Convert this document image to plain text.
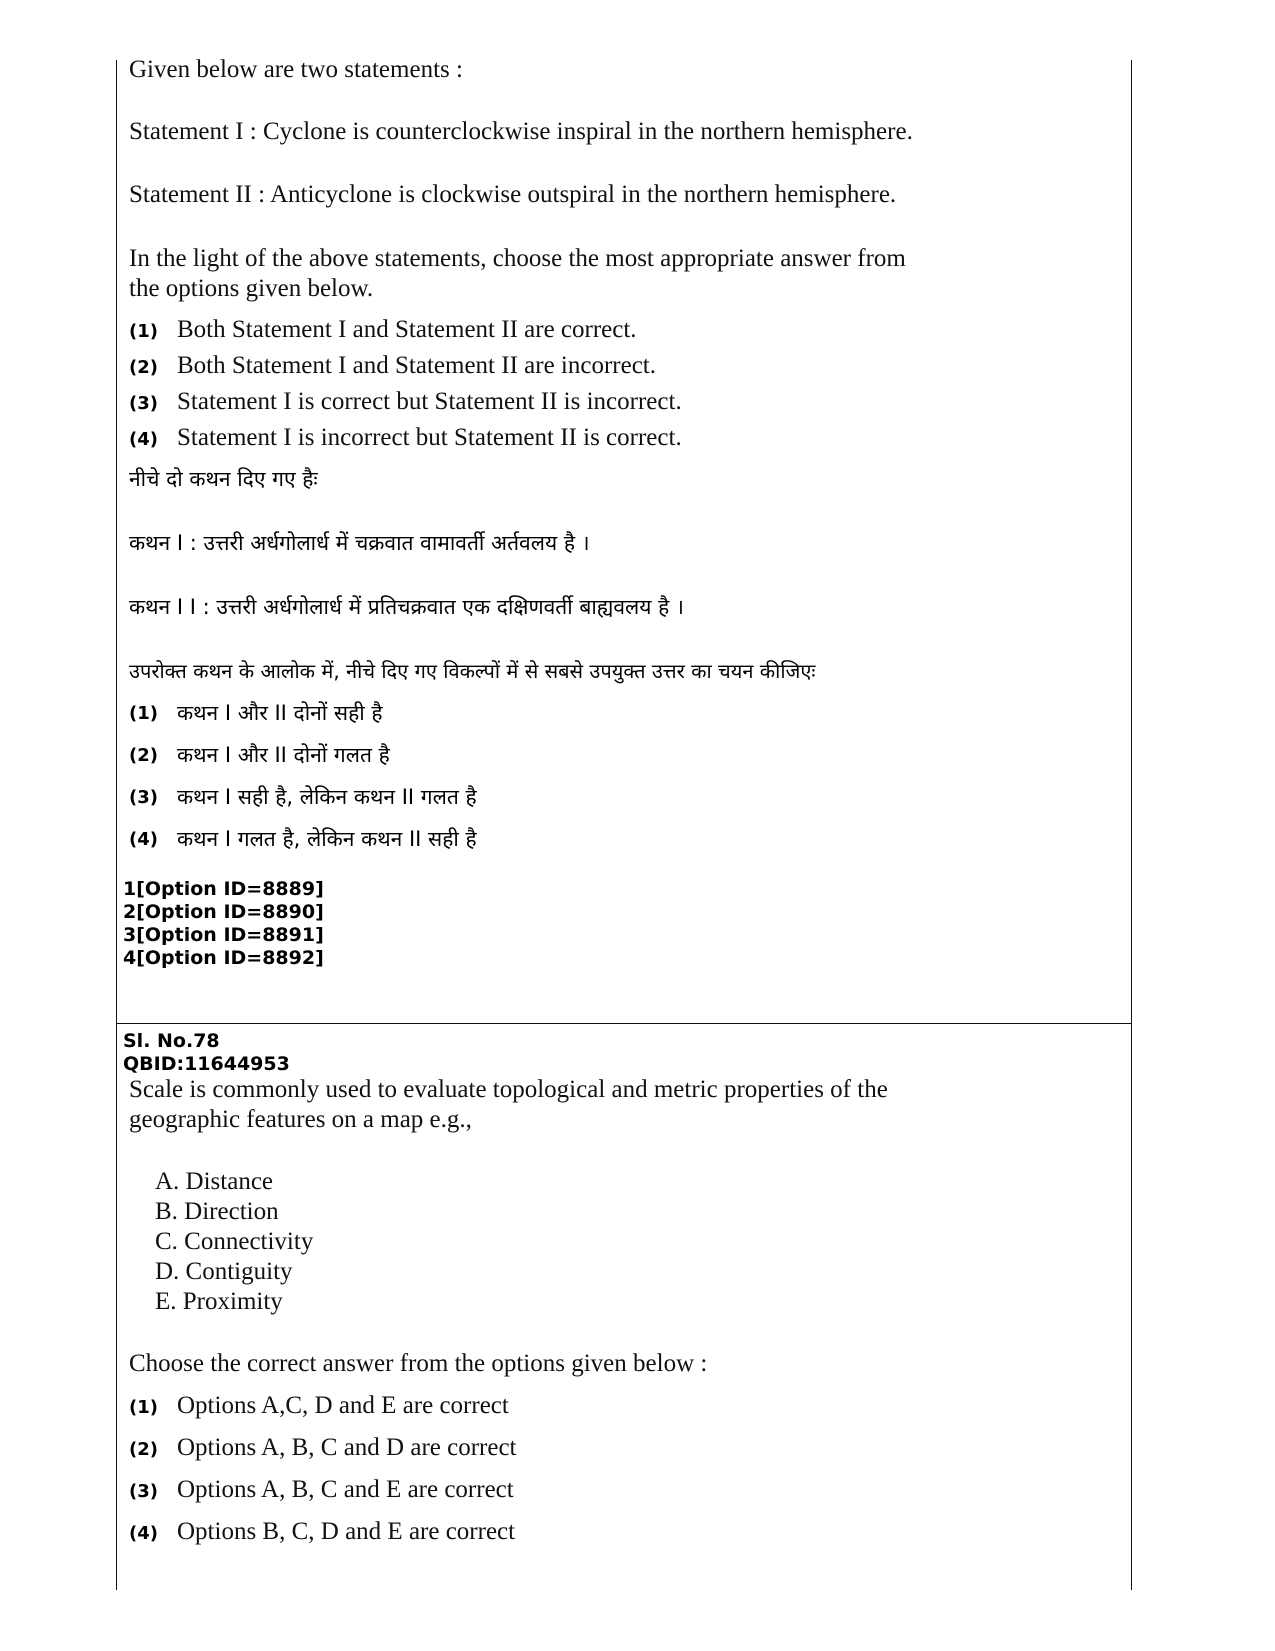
Given below are two statements :
Statement I : Cyclone is counterclockwise inspiral in the northern hemisphere.
Statement II : Anticyclone is clockwise outspiral in the northern hemisphere.
In the light of the above statements, choose the most appropriate answer from
the options given below.
(1) Both Statement I and Statement II are correct.
(2) Both Statement I and Statement II are incorrect.
(3) Statement I is correct but Statement II is incorrect.
(4) Statement I is incorrect but Statement II is correct.
नीचे दो कथन दिए गए हैः
कथन I : उत्तरी अर्धगोलार्ध में चक्रवात वामावर्ती अर्तवलय है ।
कथन I I : उत्तरी अर्धगोलार्ध में प्रतिचक्रवात एक दक्षिणवर्ती बाह्यवलय है ।
उपरोक्त कथन के आलोक में, नीचे दिए गए विकल्पों में से सबसे उपयुक्त उत्तर का चयन कीजिएः
(1) कथन I और II दोनों सही है
(2) कथन I और II दोनों गलत है
(3) कथन I सही है, लेकिन कथन II गलत है
(4) कथन I गलत है, लेकिन कथन II सही है
1[Option ID=8889]
2[Option ID=8890]
3[Option ID=8891]
4[Option ID=8892]
Sl. No.78
QBID:11644953
Scale is commonly used to evaluate topological and metric properties of the
geographic features on a map e.g.,
A. Distance
B. Direction
C. Connectivity
D. Contiguity
E. Proximity
Choose the correct answer from the options given below :
(1) Options A,C, D and E are correct
(2) Options A, B, C and D are correct
(3) Options A, B, C and E are correct
(4) Options B, C, D and E are correct
